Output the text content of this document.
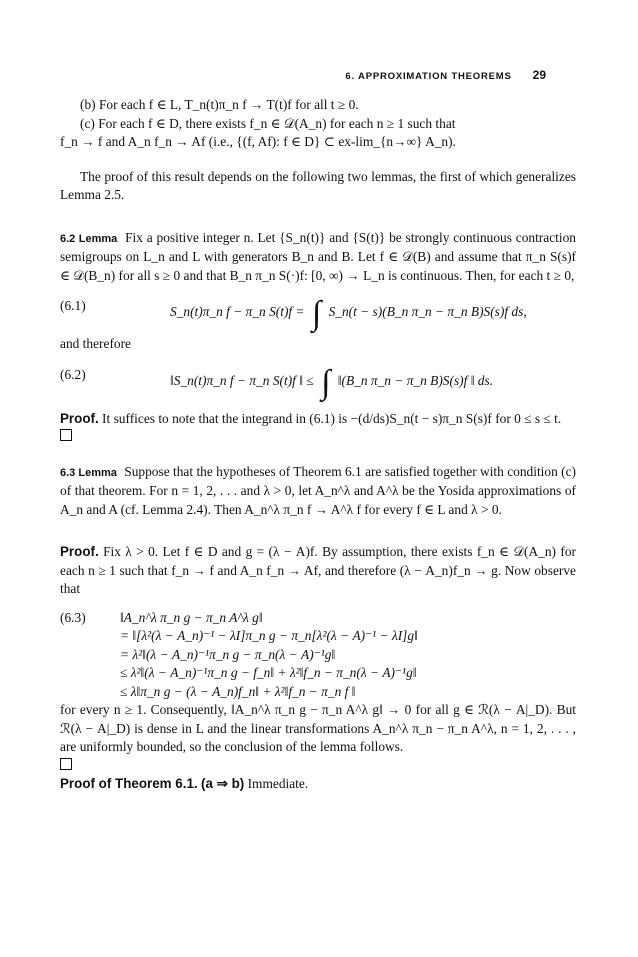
6. APPROXIMATION THEOREMS 29

(b) For each f ∈ L, T_n(t)π_n f → T(t)f for all t ≥ 0.

(c) For each f ∈ D, there exists f_n ∈ 𝒟(A_n) for each n ≥ 1 such that

f_n → f and A_n f_n → Af (i.e., {(f, Af): f ∈ D} ⊂ ex-lim_{n→∞} A_n).

The proof of this result depends on the following two lemmas, the first of which generalizes Lemma 2.5.

6.2 Lemma Fix a positive integer n. Let {S_n(t)} and {S(t)} be strongly continuous contraction semigroups on L_n and L with generators B_n and B. Let f ∈ 𝒟(B) and assume that π_n S(s)f ∈ 𝒟(B_n) for all s ≥ 0 and that B_n π_n S(·)f: [0, ∞) → L_n is continuous. Then, for each t ≥ 0,

(6.1)	S_n(t)π_n f − π_n S(t)f = ∫ S_n(t − s)(B_n π_n − π_n B)S(s)f ds,

and therefore

(6.2)	‖S_n(t)π_n f − π_n S(t)f ‖ ≤ ∫ ‖(B_n π_n − π_n B)S(s)f ‖ ds.

Proof. It suffices to note that the integrand in (6.1) is −(d/ds)S_n(t − s)π_n S(s)f for 0 ≤ s ≤ t.

6.3 Lemma Suppose that the hypotheses of Theorem 6.1 are satisfied together with condition (c) of that theorem. For n = 1, 2, . . . and λ > 0, let A_n^λ and A^λ be the Yosida approximations of A_n and A (cf. Lemma 2.4). Then A_n^λ π_n f → A^λ f for every f ∈ L and λ > 0.

Proof. Fix λ > 0. Let f ∈ D and g = (λ − A)f. By assumption, there exists f_n ∈ 𝒟(A_n) for each n ≥ 1 such that f_n → f and A_n f_n → Af, and therefore (λ − A_n)f_n → g. Now observe that

(6.3)	‖A_n^λ π_n g − π_n A^λ g‖
= ‖[λ²(λ − A_n)⁻¹ − λI]π_n g − π_n[λ²(λ − A)⁻¹ − λI]g‖
= λ²‖(λ − A_n)⁻¹π_n g − π_n(λ − A)⁻¹g‖
≤ λ²‖(λ − A_n)⁻¹π_n g − f_n‖ + λ²‖f_n − π_n(λ − A)⁻¹g‖
≤ λ‖π_n g − (λ − A_n)f_n‖ + λ²‖f_n − π_n f ‖

for every n ≥ 1. Consequently, ‖A_n^λ π_n g − π_n A^λ g‖ → 0 for all g ∈ ℛ(λ − A|_D). But ℛ(λ − A|_D) is dense in L and the linear transformations A_n^λ π_n − π_n A^λ, n = 1, 2, . . . , are uniformly bounded, so the conclusion of the lemma follows.

Proof of Theorem 6.1. (a ⇒ b) Immediate.
